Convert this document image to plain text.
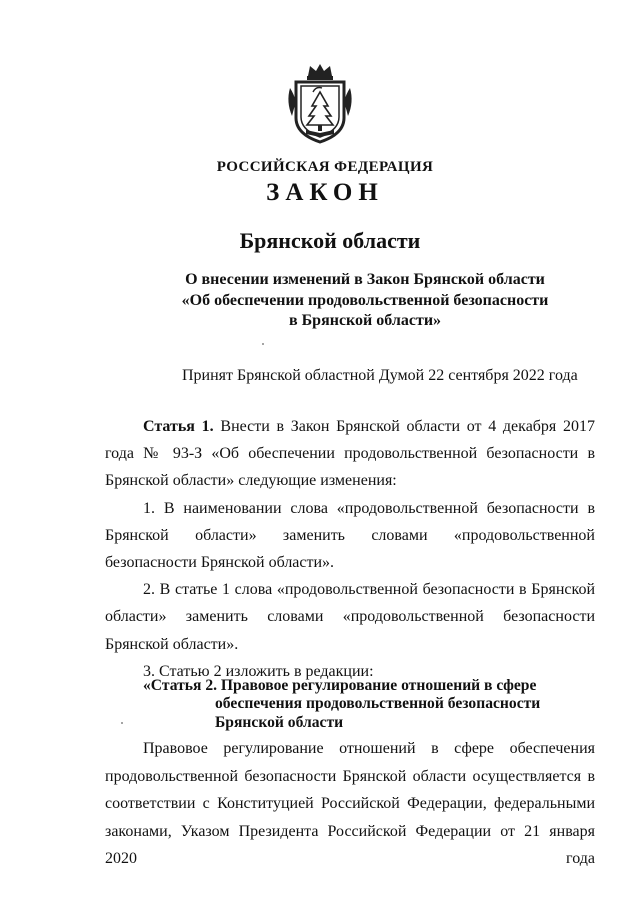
РОССИЙСКАЯ ФЕДЕРАЦИЯ
ЗАКОН
Брянской области
О внесении изменений в Закон Брянской области
«Об обеспечении продовольственной безопасности
в Брянской области»
Принят Брянской областной Думой 22 сентября 2022 года

Статья 1. Внести в Закон Брянской области от 4 декабря 2017 года № 93-З «Об обеспечении продовольственной безопасности в Брянской области» следующие изменения:

1. В наименовании слова «продовольственной безопасности в Брянской области» заменить словами «продовольственной безопасности Брянской области».

2. В статье 1 слова «продовольственной безопасности в Брянской области» заменить словами «продовольственной безопасности Брянской области».

3. Статью 2 изложить в редакции:

«Статья 2. Правовое регулирование отношений в сфере
обеспечения продовольственной безопасности Брянской области

Правовое регулирование отношений в сфере обеспечения продовольственной безопасности Брянской области осуществляется в соответствии с Конституцией Российской Федерации, федеральными законами, Указом Президента Российской Федерации от 21 января 2020 года
